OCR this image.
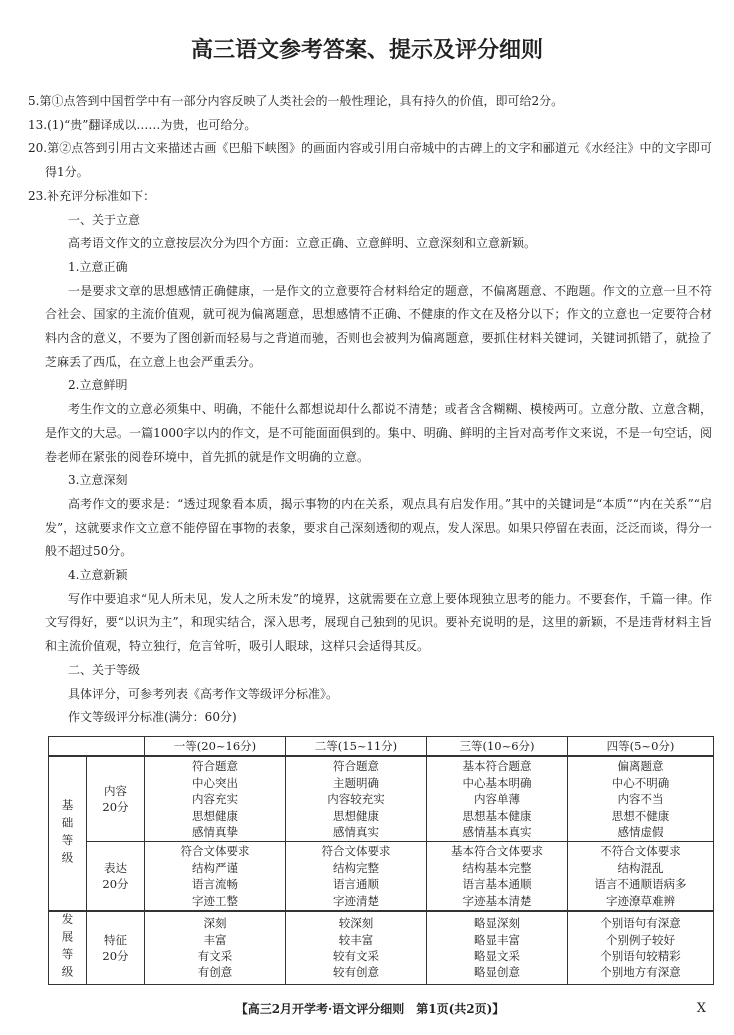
高三语文参考答案、提示及评分细则

5.第①点答到中国哲学中有一部分内容反映了人类社会的一般性理论，具有持久的价值，即可给2分。

13.(1)“贵”翻译成以……为贵，也可给分。

20.第②点答到引用古文来描述古画《巴船下峡图》的画面内容或引用白帝城中的古碑上的文字和郦道元《水经注》中的文字即可得1分。

23.补充评分标准如下：

一、关于立意

高考语文作文的立意按层次分为四个方面：立意正确、立意鲜明、立意深刻和立意新颖。

1.立意正确

一是要求文章的思想感情正确健康，一是作文的立意要符合材料给定的题意，不偏离题意、不跑题。作文的立意一旦不符合社会、国家的主流价值观，就可视为偏离题意，思想感情不正确、不健康的作文在及格分以下；作文的立意也一定要符合材料内含的意义，不要为了图创新而轻易与之背道而驰，否则也会被判为偏离题意，要抓住材料关键词，关键词抓错了，就捡了芝麻丢了西瓜，在立意上也会严重丢分。

2.立意鲜明

考生作文的立意必须集中、明确，不能什么都想说却什么都说不清楚；或者含含糊糊、模棱两可。立意分散、立意含糊，是作文的大忌。一篇1000字以内的作文，是不可能面面俱到的。集中、明确、鲜明的主旨对高考作文来说，不是一句空话，阅卷老师在紧张的阅卷环境中，首先抓的就是作文明确的立意。

3.立意深刻

高考作文的要求是：“透过现象看本质，揭示事物的内在关系，观点具有启发作用。”其中的关键词是“本质”“内在关系”“启发”，这就要求作文立意不能停留在事物的表象，要求自己深刻透彻的观点，发人深思。如果只停留在表面，泛泛而谈，得分一般不超过50分。

4.立意新颖

写作中要追求“见人所未见，发人之所未发”的境界，这就需要在立意上要体现独立思考的能力。不要套作，千篇一律。作文写得好，要“以识为主”，和现实结合，深入思考，展现自己独到的见识。要补充说明的是，这里的新颖，不是违背材料主旨和主流价值观，特立独行，危言耸听，吸引人眼球，这样只会适得其反。

二、关于等级

具体评分，可参考列表《高考作文等级评分标准》。

作文等级评分标准(满分：60分)

		一等(20~16分)	二等(15~11分)	三等(10~6分)	四等(5~0分)
基础等级	内容
20分	符合题意
中心突出
内容充实
思想健康
感情真挚	符合题意
主题明确
内容较充实
思想健康
感情真实	基本符合题意
中心基本明确
内容单薄
思想基本健康
感情基本真实	偏离题意
中心不明确
内容不当
思想不健康
感情虚假
	表达
20分	符合文体要求
结构严谨
语言流畅
字迹工整	符合文体要求
结构完整
语言通顺
字迹清楚	基本符合文体要求
结构基本完整
语言基本通顺
字迹基本清楚	不符合文体要求
结构混乱
语言不通顺语病多
字迹潦草难辨
发展等级	特征
20分	深刻
丰富
有文采
有创意	较深刻
较丰富
较有文采
较有创意	略显深刻
略显丰富
略显文采
略显创意	个别语句有深意
个别例子较好
个别语句较精彩
个别地方有深意
【高三2月开学考·语文评分细则　第1页(共2页)】	X
